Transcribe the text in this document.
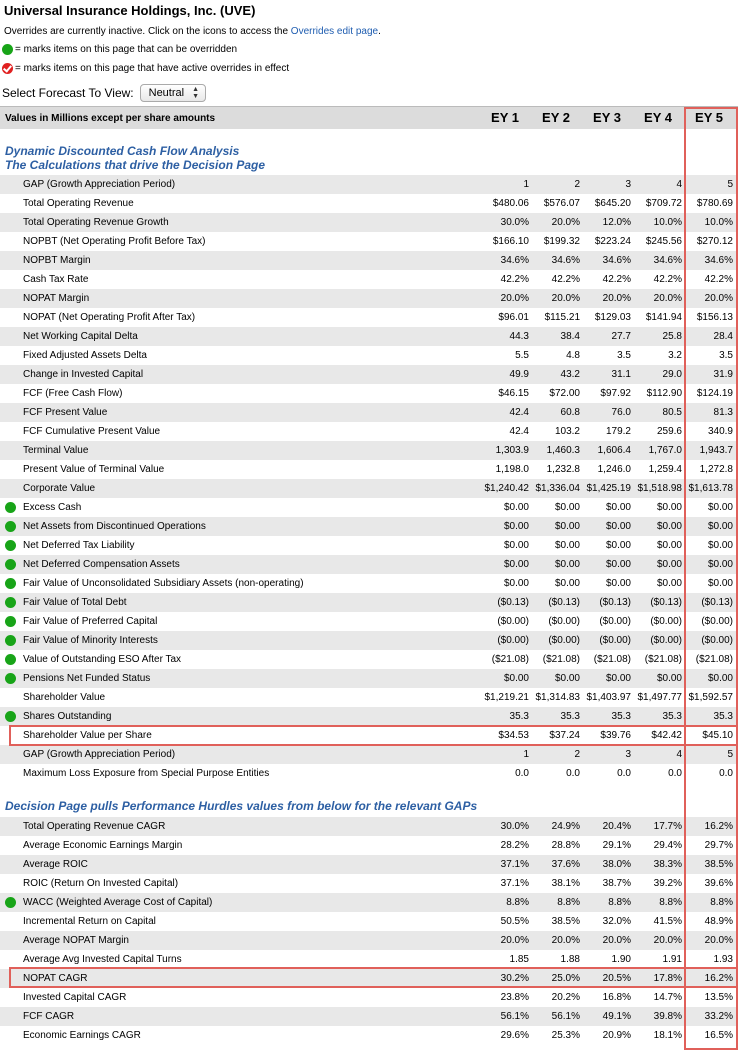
Universal Insurance Holdings, Inc. (UVE)
Overrides are currently inactive. Click on the icons to access the Overrides edit page.
= marks items on this page that can be overridden
= marks items on this page that have active overrides in effect
Select Forecast To View: Neutral ▲
▼
Values in Millions except per share amounts	EY 1 EY 2 EY 3 EY 4 EY 5
Dynamic Discounted Cash Flow Analysis
The Calculations that drive the Decision Page
GAP (Growth Appreciation Period)	1	2	3	4	5
Total Operating Revenue	$480.06 $576.07 $645.20 $709.72 $780.69
Total Operating Revenue Growth	30.0% 20.0% 12.0% 10.0% 10.0%
NOPBT (Net Operating Profit Before Tax)	$166.10 $199.32 $223.24 $245.56 $270.12
NOPBT Margin	34.6% 34.6% 34.6% 34.6% 34.6%
Cash Tax Rate	42.2% 42.2% 42.2% 42.2% 42.2%
NOPAT Margin	20.0% 20.0% 20.0% 20.0% 20.0%
NOPAT (Net Operating Profit After Tax)	$96.01 $115.21 $129.03 $141.94 $156.13
Net Working Capital Delta	44.3	38.4	27.7	25.8	28.4
Fixed Adjusted Assets Delta	5.5	4.8	3.5	3.2	3.5
Change in Invested Capital	49.9	43.2	31.1	29.0	31.9
FCF (Free Cash Flow)	$46.15 $72.00 $97.92 $112.90 $124.19
FCF Present Value	42.4	60.8	76.0	80.5	81.3
FCF Cumulative Present Value	42.4	103.2	179.2	259.6	340.9
Terminal Value	1,303.9 1,460.3 1,606.4 1,767.0 1,943.7
Present Value of Terminal Value	1,198.0 1,232.8 1,246.0 1,259.4 1,272.8
Corporate Value	$1,240.42 $1,336.04 $1,425.19 $1,518.98 $1,613.78
Excess Cash	$0.00	$0.00	$0.00	$0.00	$0.00
Net Assets from Discontinued Operations	$0.00	$0.00	$0.00	$0.00	$0.00
Net Deferred Tax Liability	$0.00	$0.00	$0.00	$0.00	$0.00
Net Deferred Compensation Assets	$0.00	$0.00	$0.00	$0.00	$0.00
Fair Value of Unconsolidated Subsidiary Assets (non-operating)	$0.00	$0.00	$0.00	$0.00	$0.00
Fair Value of Total Debt	($0.13) ($0.13) ($0.13) ($0.13) ($0.13)
Fair Value of Preferred Capital	($0.00) ($0.00) ($0.00) ($0.00) ($0.00)
Fair Value of Minority Interests	($0.00) ($0.00) ($0.00) ($0.00) ($0.00)
Value of Outstanding ESO After Tax	($21.08) ($21.08) ($21.08) ($21.08) ($21.08)
Pensions Net Funded Status	$0.00	$0.00	$0.00	$0.00	$0.00
Shareholder Value	$1,219.21 $1,314.83 $1,403.97 $1,497.77 $1,592.57
Shares Outstanding	35.3	35.3	35.3	35.3	35.3
Shareholder Value per Share	$34.53 $37.24 $39.76 $42.42 $45.10
GAP (Growth Appreciation Period)	1	2	3	4	5
Maximum Loss Exposure from Special Purpose Entities	0.0	0.0	0.0	0.0	0.0
Decision Page pulls Performance Hurdles values from below for the relevant GAPs
Total Operating Revenue CAGR	30.0% 24.9% 20.4% 17.7% 16.2%
Average Economic Earnings Margin	28.2% 28.8% 29.1% 29.4% 29.7%
Average ROIC	37.1% 37.6% 38.0% 38.3% 38.5%
ROIC (Return On Invested Capital)	37.1% 38.1% 38.7% 39.2% 39.6%
WACC (Weighted Average Cost of Capital)	8.8%	8.8%	8.8%	8.8%	8.8%
Incremental Return on Capital	50.5% 38.5% 32.0% 41.5% 48.9%
Average NOPAT Margin	20.0% 20.0% 20.0% 20.0% 20.0%
Average Avg Invested Capital Turns	1.85	1.88	1.90	1.91	1.93
NOPAT CAGR	30.2% 25.0% 20.5% 17.8% 16.2%
Invested Capital CAGR	23.8% 20.2% 16.8% 14.7% 13.5%
FCF CAGR	56.1% 56.1% 49.1% 39.8% 33.2%
Economic Earnings CAGR	29.6% 25.3% 20.9% 18.1% 16.5%
